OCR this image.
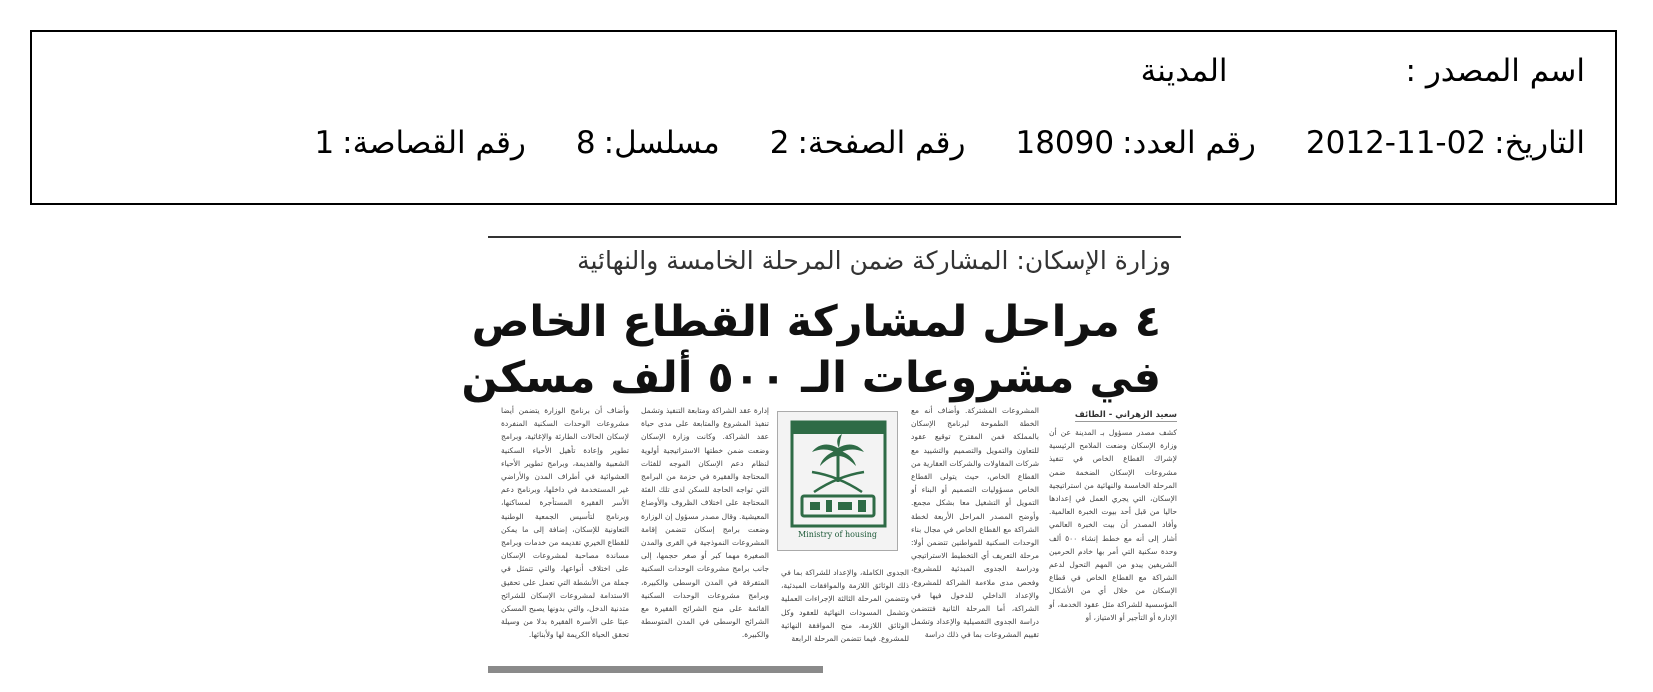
اسم المصدر :
المدينة
التاريخ:
2012-11-02
رقم العدد:
18090
رقم الصفحة:
2
مسلسل:
8
رقم القصاصة:
1
وزارة الإسكان: المشاركة ضمن المرحلة الخامسة والنهائية
٤ مراحل لمشاركة القطاع الخاص
في مشروعات الـ ٥٠٠ ألف مسكن
سعيد الزهراني - الطائف

كشف مصدر مسؤول بـ المدينة عن أن وزارة الإسكان وضعت الملامح الرئيسية لإشراك القطاع الخاص في تنفيذ مشروعات الإسكان الضخمة ضمن المرحلة الخامسة والنهائية من استراتيجية الإسكان، التي يجري العمل في إعدادها حاليا من قبل أحد بيوت الخبرة العالمية. وأفاد المصدر أن بيت الخبرة العالمي أشار إلى أنه مع خطط إنشاء ٥٠٠ ألف وحدة سكنية التي أمر بها خادم الحرمين الشريفين يبدو من المهم التحول لدعم الشراكة مع القطاع الخاص في قطاع الإسكان من خلال أي من الأشكال المؤسسية للشراكة مثل عقود الخدمة، أو الإدارة أو التأجير أو الامتياز، أو

المشروعات المشتركة. وأضاف أنه مع الخطة الطموحة لبرنامج الإسكان بالمملكة فمن المقترح توقيع عقود للتعاون والتمويل والتصميم والتشييد مع شركات المقاولات والشركات العقارية من القطاع الخاص، حيث يتولى القطاع الخاص مسؤوليات التصميم أو البناء أو التمويل أو التشغيل معا بشكل مجمع. وأوضح المصدر المراحل الأربعة لخطة الشراكة مع القطاع الخاص في مجال بناء الوحدات السكنية للمواطنين تتضمن أولا: مرحلة التعريف أي التخطيط الاستراتيجي ودراسة الجدوى المبدئية للمشروع، وفحص مدى ملاءمة الشراكة للمشروع، والإعداد الداخلي للدخول فيها في الشراكة، أما المرحلة الثانية فتتضمن دراسة الجدوى التفصيلية والإعداد وتشمل تقييم المشروعات بما في ذلك دراسة

الجدوى الكاملة، والإعداد للشراكة بما في ذلك الوثائق اللازمة والموافقات المبدئية، وتتضمن المرحلة الثالثة الإجراءات العملية وتشمل المسودات النهائية للعقود وكل الوثائق اللازمة، منح الموافقة النهائية للمشروع. فيما تتضمن المرحلة الرابعة

إدارة عقد الشراكة ومتابعة التنفيذ وتشمل تنفيذ المشروع والمتابعة على مدى حياة عقد الشراكة. وكانت وزارة الإسكان وضعت ضمن خطتها الاستراتيجية أولوية لنظام دعم الإسكان الموجه للفئات المحتاجة والفقيرة في حزمة من البرامج التي تواجه الحاجة للسكن لدى تلك الفئة المحتاجة على اختلاف الظروف والأوضاع المعيشية. وقال مصدر مسؤول إن الوزارة وضعت برامج إسكان تتضمن إقامة المشروعات النموذجية في القرى والمدن الصغيرة مهما كبر أو صغر حجمها، إلى جانب برامج مشروعات الوحدات السكنية المتفرقة في المدن الوسطى والكبيرة، وبرامج مشروعات الوحدات السكنية القائمة على منح الشرائح الفقيرة مع الشرائح الوسطى في المدن المتوسطة والكبيرة.

وأضاف أن برنامج الوزارة يتضمن أيضا مشروعات الوحدات السكنية المنفردة لإسكان الحالات الطارئة والإغاثية، وبرامج تطوير وإعادة تأهيل الأحياء السكنية الشعبية والقديمة، وبرامج تطوير الأحياء العشوائية في أطراف المدن والأراضي غير المستخدمة في داخلها، وبرنامج دعم الأسر الفقيرة المستأجرة لمساكنها، وبرنامج لتأسيس الجمعية الوطنية التعاونية للإسكان، إضافة إلى ما يمكن للقطاع الخيري تقديمه من خدمات وبرامج مساندة مصاحبة لمشروعات الإسكان على اختلاف أنواعها، والتي تتمثل في جملة من الأنشطة التي تعمل على تحقيق الاستدامة لمشروعات الإسكان للشرائح متدنية الدخل، والتي بدونها يصبح المسكن عبئا على الأسرة الفقيرة بدلا من وسيلة تحقق الحياة الكريمة لها ولأبنائها.

Ministry of housing
